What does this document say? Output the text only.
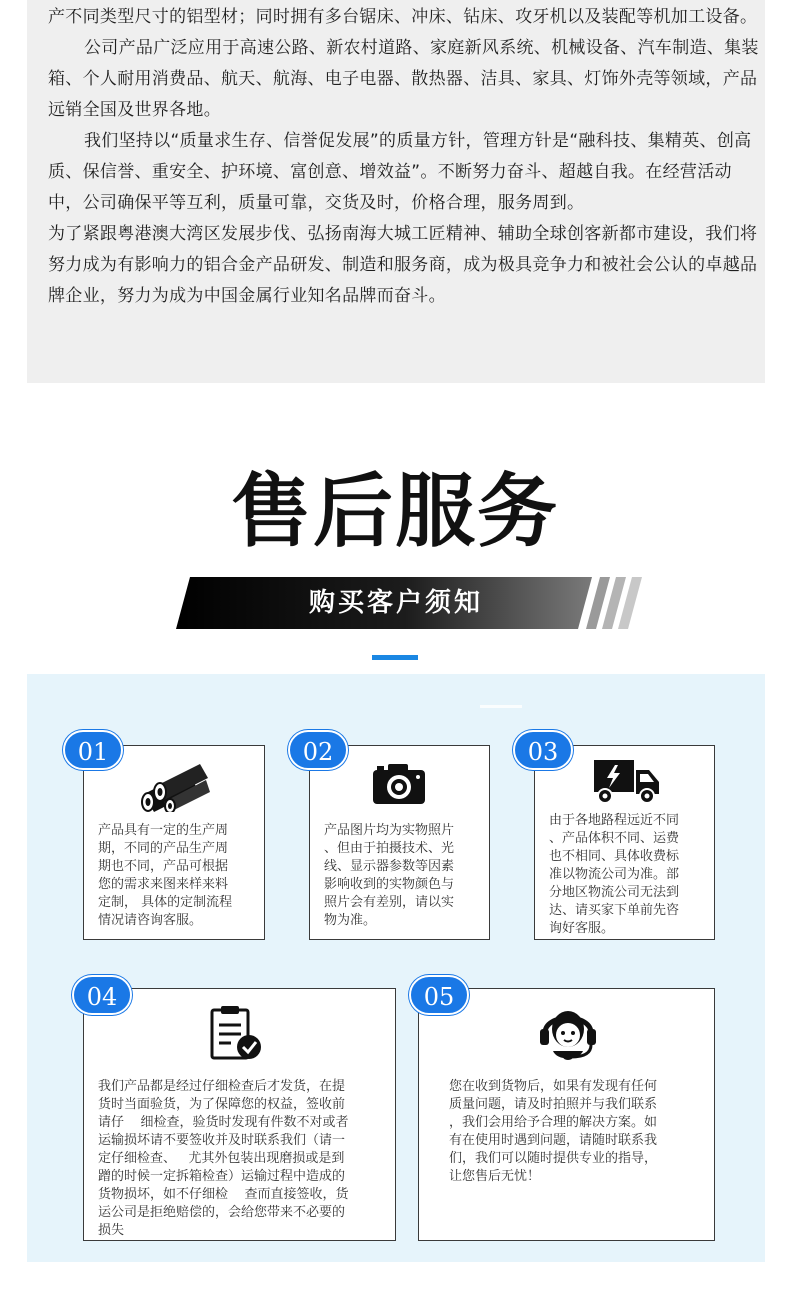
产不同类型尺寸的铝型材；同时拥有多台锯床、冲床、钻床、攻牙机以及装配等机加工设备。

公司产品广泛应用于高速公路、新农村道路、家庭新风系统、机械设备、汽车制造、集装箱、个人耐用消费品、航天、航海、电子电器、散热器、洁具、家具、灯饰外壳等领域，产品远销全国及世界各地。

我们坚持以“质量求生存、信誉促发展”的质量方针，管理方针是“融科技、集精英、创高质、保信誉、重安全、护环境、富创意、增效益”。不断努力奋斗、超越自我。在经营活动中，公司确保平等互利，质量可靠，交货及时，价格合理，服务周到。

为了紧跟粤港澳大湾区发展步伐、弘扬南海大城工匠精神、辅助全球创客新都市建设，我们将努力成为有影响力的铝合金产品研发、制造和服务商，成为极具竞争力和被社会公认的卓越品牌企业，努力为成为中国金属行业知名品牌而奋斗。

售后服务
购买客户须知
产品具有一定的生产周
期，不同的产品生产周
期也不同，产品可根据
您的需求来图来样来料
定制， 具体的定制流程
情况请咨询客服。
01
产品图片均为实物照片
、但由于拍摄技术、光
线、显示器参数等因素
影响收到的实物颜色与
照片会有差别，请以实
物为准。
02
由于各地路程远近不同
、产品体积不同、运费
也不相同、具体收费标
准以物流公司为准。部
分地区物流公司无法到
达、请买家下单前先咨
询好客服。
03
我们产品都是经过仔细检查后才发货，在提
货时当面验货，为了保障您的权益，签收前
请仔    细检查，验货时发现有件数不对或者
运输损坏请不要签收并及时联系我们（请一
定仔细检查、   尤其外包装出现磨损或是到
蹭的时候一定拆箱检查）运输过程中造成的
货物损坏，如不仔细检    查而直接签收，货
运公司是拒绝赔偿的，会给您带来不必要的
损失
04
您在收到货物后，如果有发现有任何
质量问题，请及时拍照并与我们联系
，我们会用给予合理的解决方案。如
有在使用时遇到问题，请随时联系我
们，我们可以随时提供专业的指导，
让您售后无忧！
05
